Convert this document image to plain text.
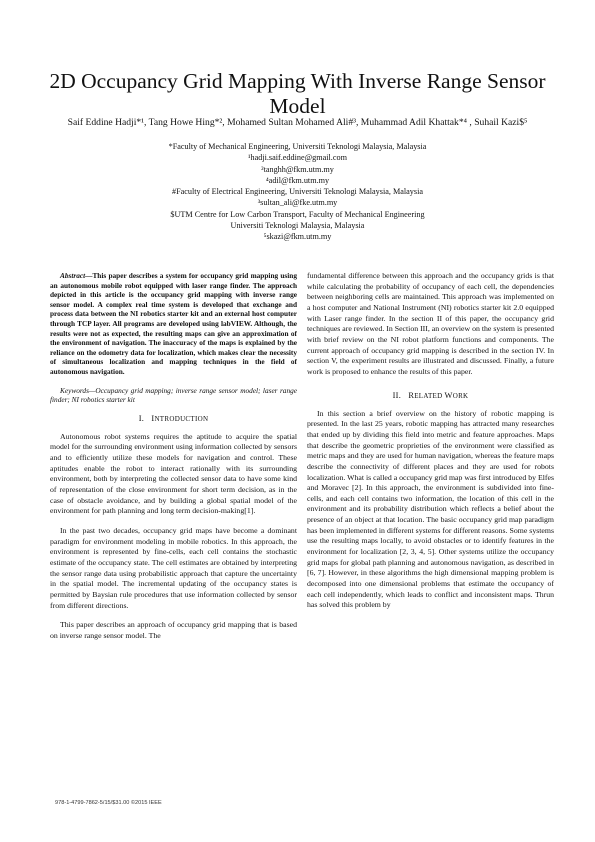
2D Occupancy Grid Mapping With Inverse Range Sensor Model
Saif Eddine Hadji*¹, Tang Howe Hing*², Mohamed Sultan Mohamed Ali#³, Muhammad Adil Khattak*⁴ , Suhail Kazi$⁵
*Faculty of Mechanical Engineering, Universiti Teknologi Malaysia, Malaysia
¹hadji.saif.eddine@gmail.com
²tanghh@fkm.utm.my
⁴adil@fkm.utm.my
#Faculty of Electrical Engineering, Universiti Teknologi Malaysia, Malaysia
³sultan_ali@fke.utm.my
$UTM Centre for Low Carbon Transport, Faculty of Mechanical Engineering
Universiti Teknologi Malaysia, Malaysia
⁵skazi@fkm.utm.my

Abstract—This paper describes a system for occupancy grid mapping using an autonomous mobile robot equipped with laser range finder. The approach depicted in this article is the occupancy grid mapping with inverse range sensor model. A complex real time system is developed that exchange and process data between the NI robotics starter kit and an external host computer through TCP layer. All programs are developed using labVIEW. Although, the results were not as expected, the resulting maps can give an approximation of the environment of navigation. The inaccuracy of the maps is explained by the reliance on the odometry data for localization, which makes clear the necessity of simultaneous localization and mapping techniques in the field of autonomous navigation.

Keywords—Occupancy grid mapping; inverse range sensor model; laser range finder; NI robotics starter kit

I. INTRODUCTION

Autonomous robot systems requires the aptitude to acquire the spatial model for the surrounding environment using information collected by sensors and to efficiently utilize these models for navigation and control. These aptitudes enable the robot to interact rationally with its surrounding environment, both by interpreting the collected sensor data to have some kind of representation of the close environment for short term decision, as in the case of obstacle avoidance, and by building a global spatial model of the environment for path planning and long term decision-making[1].

In the past two decades, occupancy grid maps have become a dominant paradigm for environment modeling in mobile robotics. In this approach, the environment is represented by fine-cells, each cell contains the stochastic estimate of the occupancy state. The cell estimates are obtained by interpreting the sensor range data using probabilistic approach that capture the uncertainty in the spatial model. The incremental updating of the occupancy states is permitted by Baysian rule procedures that use information collected by sensor from different directions.

This paper describes an approach of occupancy grid mapping that is based on inverse range sensor model. The

fundamental difference between this approach and the occupancy grids is that while calculating the probability of occupancy of each cell, the dependencies between neighboring cells are maintained. This approach was implemented on a host computer and National Instrument (NI) robotics starter kit 2.0 equipped with Laser range finder. In the section II of this paper, the occupancy grid techniques are reviewed. In Section III, an overview on the system is presented with brief review on the NI robot platform functions and components. The current approach of occupancy grid mapping is described in the section IV. In section V, the experiment results are illustrated and discussed. Finally, a future work is proposed to enhance the results of this paper.

II. RELATED WORK

In this section a brief overview on the history of robotic mapping is presented. In the last 25 years, robotic mapping has attracted many researches that ended up by dividing this field into metric and feature approaches. Maps that describe the geometric proprieties of the environment were classified as metric maps and they are used for human navigation, whereas the feature maps describe the connectivity of different places and they are used for robots localization. What is called a occupancy grid map was first introduced by Elfes and Moravec [2]. In this approach, the environment is subdivided into fine-cells, and each cell contains two information, the location of this cell in the environment and its probability distribution which reflects a belief about the presence of an object at that location. The basic occupancy grid map paradigm has been implemented in different systems for different reasons. Some systems use the resulting maps locally, to avoid obstacles or to identify features in the environment for localization [2, 3, 4, 5]. Other systems utilize the occupancy grid maps for global path planning and autonomous navigation, as described in [6, 7]. However, in these algorithms the high dimensional mapping problem is decomposed into one dimensional problems that estimate the occupancy of each cell independently, which leads to conflict and inconsistent maps. Thrun has solved this problem by

978-1-4799-7862-5/15/$31.00 ©2015 IEEE
